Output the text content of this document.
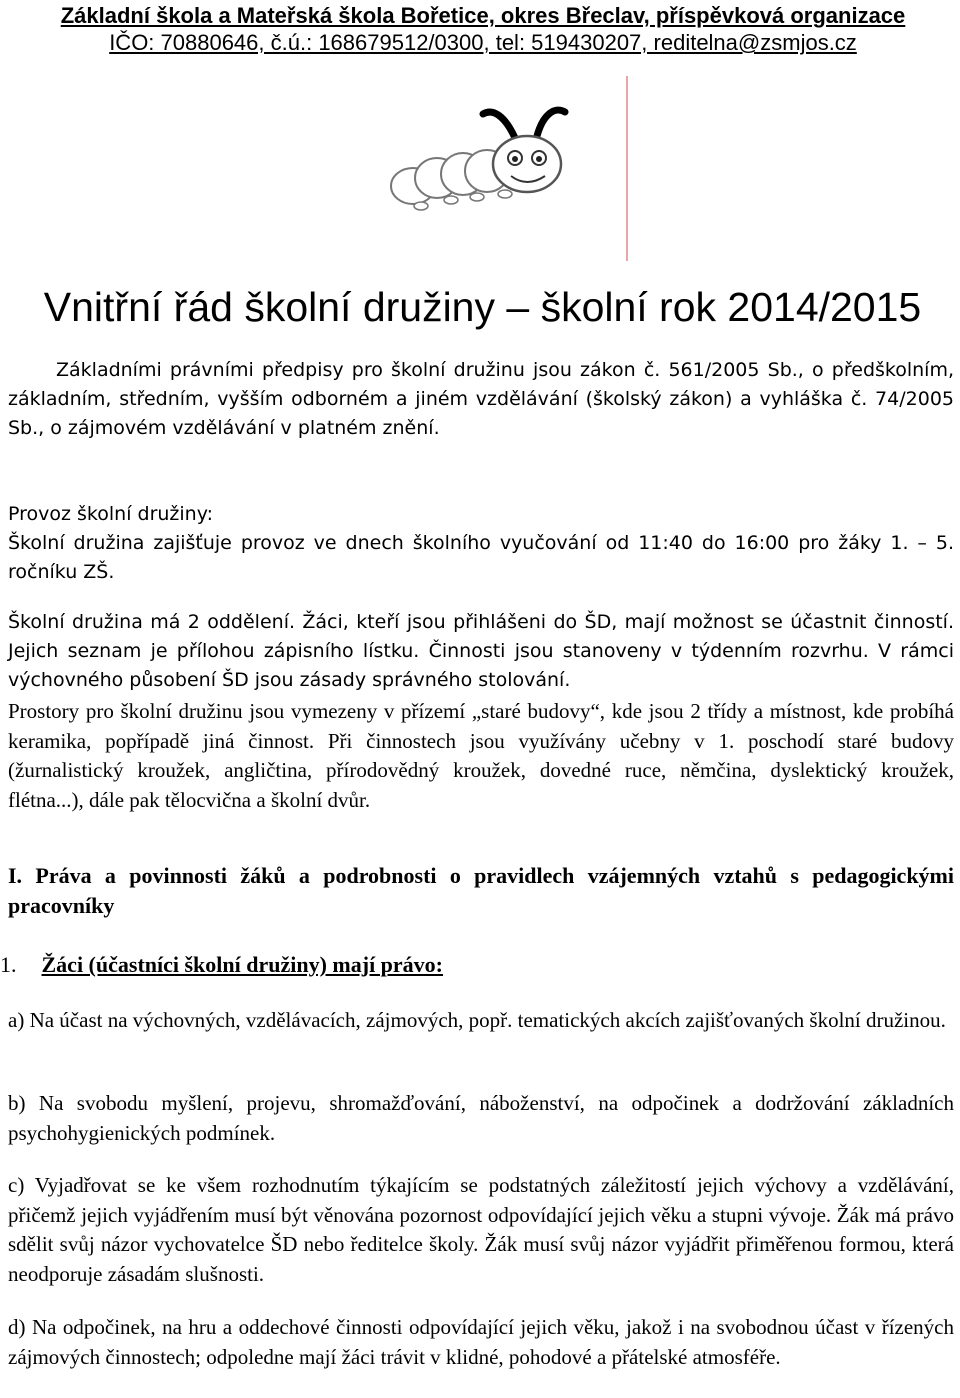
Základní škola a Mateřská škola Bořetice, okres Břeclav, příspěvková organizace
IČO: 70880646, č.ú.: 168679512/0300, tel: 519430207, reditelna@zsmjos.cz
Vnitřní řád školní družiny – školní rok 2014/2015
Základními právními předpisy pro školní družinu jsou zákon č. 561/2005 Sb., o předškolním, základním, středním, vyšším odborném a jiném vzdělávání (školský zákon) a vyhláška č. 74/2005 Sb., o zájmovém vzdělávání v platném znění.
Provoz školní družiny:
Školní družina zajišťuje provoz ve dnech školního vyučování od 11:40 do 16:00 pro žáky 1. – 5. ročníku ZŠ.
Školní družina má 2 oddělení. Žáci, kteří jsou přihlášeni do ŠD, mají možnost se účastnit činností. Jejich seznam je přílohou zápisního lístku. Činnosti jsou stanoveny v týdenním rozvrhu. V rámci výchovného působení ŠD jsou zásady správného stolování.
Prostory pro školní družinu jsou vymezeny v přízemí „staré budovy“, kde jsou 2 třídy a místnost, kde probíhá keramika, popřípadě jiná činnost. Při činnostech jsou využívány učebny v 1. poschodí staré budovy (žurnalistický kroužek, angličtina, přírodovědný kroužek, dovedné ruce, němčina, dyslektický kroužek, flétna...), dále pak tělocvična a školní dvůr.
I. Práva a povinnosti žáků a podrobnosti o pravidlech vzájemných vztahů s pedagogickými pracovníky
1. Žáci (účastníci školní družiny) mají právo:
a) Na účast na výchovných, vzdělávacích, zájmových, popř. tematických akcích zajišťovaných školní družinou.
b) Na svobodu myšlení, projevu, shromažďování, náboženství, na odpočinek a dodržování základních psychohygienických podmínek.
c) Vyjadřovat se ke všem rozhodnutím týkajícím se podstatných záležitostí jejich výchovy a vzdělávání, přičemž jejich vyjádřením musí být věnována pozornost odpovídající jejich věku a stupni vývoje. Žák má právo sdělit svůj názor vychovatelce ŠD nebo ředitelce školy. Žák musí svůj názor vyjádřit přiměřenou formou, která neodporuje zásadám slušnosti.
d) Na odpočinek, na hru a oddechové činnosti odpovídající jejich věku, jakož i na svobodnou účast v řízených zájmových činnostech; odpoledne mají žáci trávit v klidné, pohodové a přátelské atmosféře.
